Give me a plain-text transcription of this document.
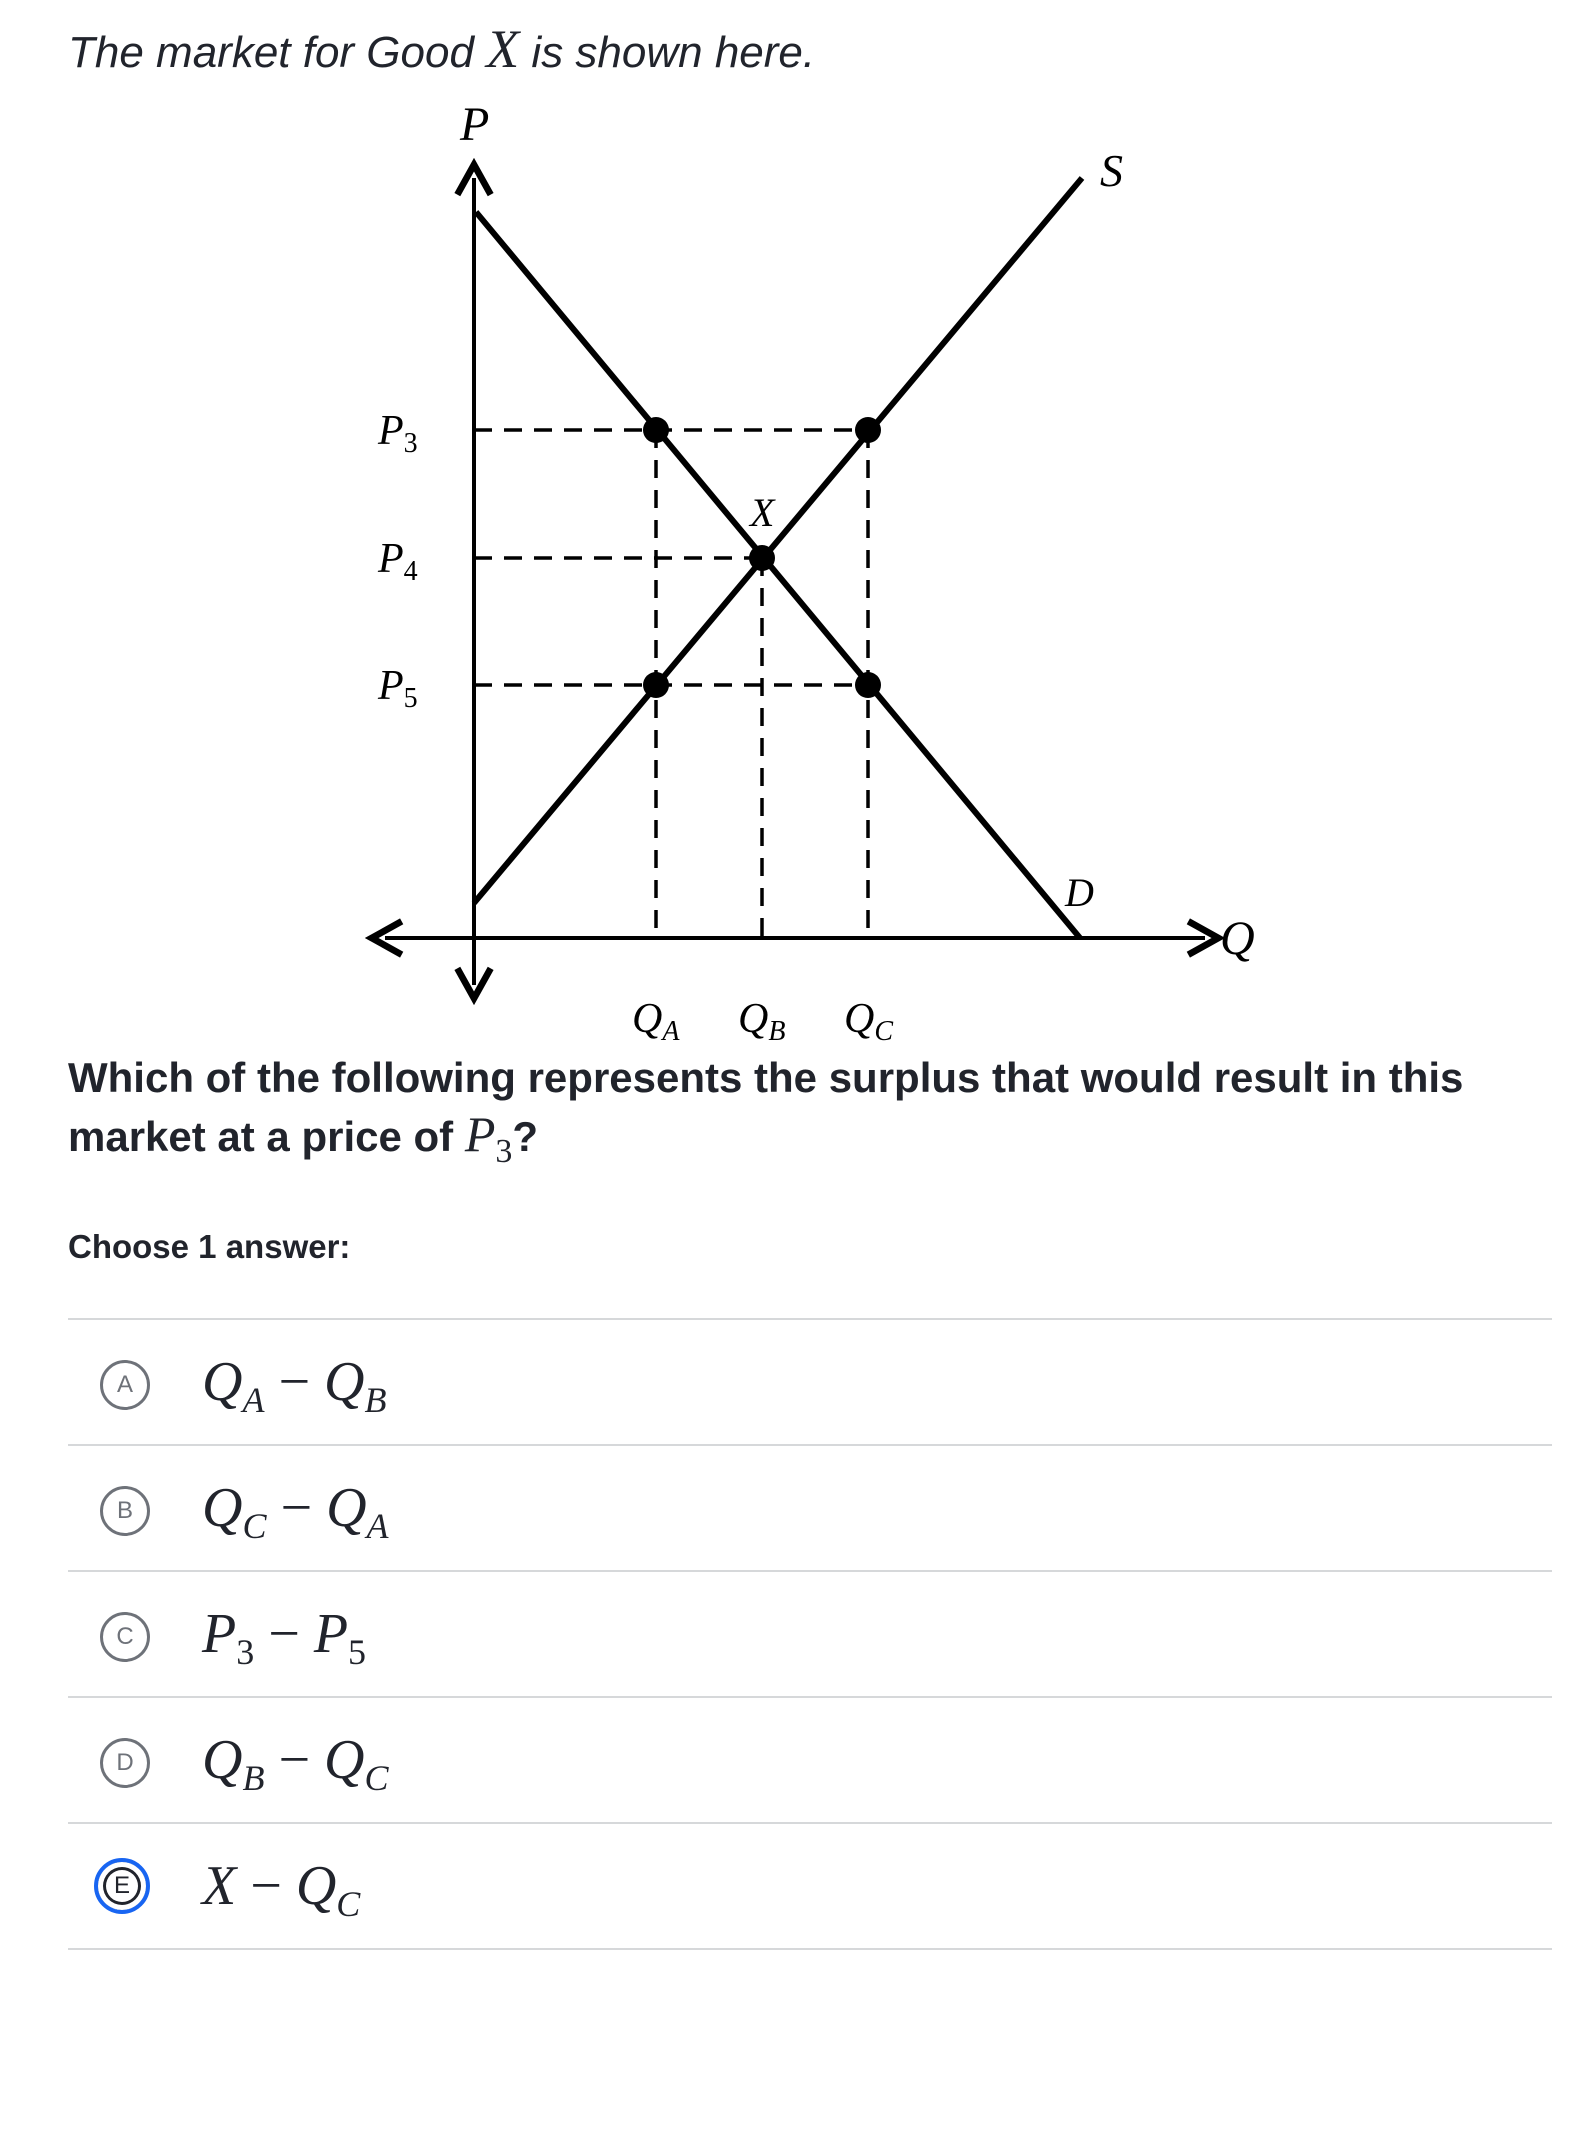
The market for Good X is shown here.
P
Q
S
D
X
P3
P4
P5
QA QB QC
Which of the following represents the surplus that would result in this market at a price of $P_3$?
Choose 1 answer:
A	$Q_A - Q_B$
B	$Q_C - Q_A$
C $P_3 - P_5$
D $Q_B - Q_C$
E	$X - Q_C$
